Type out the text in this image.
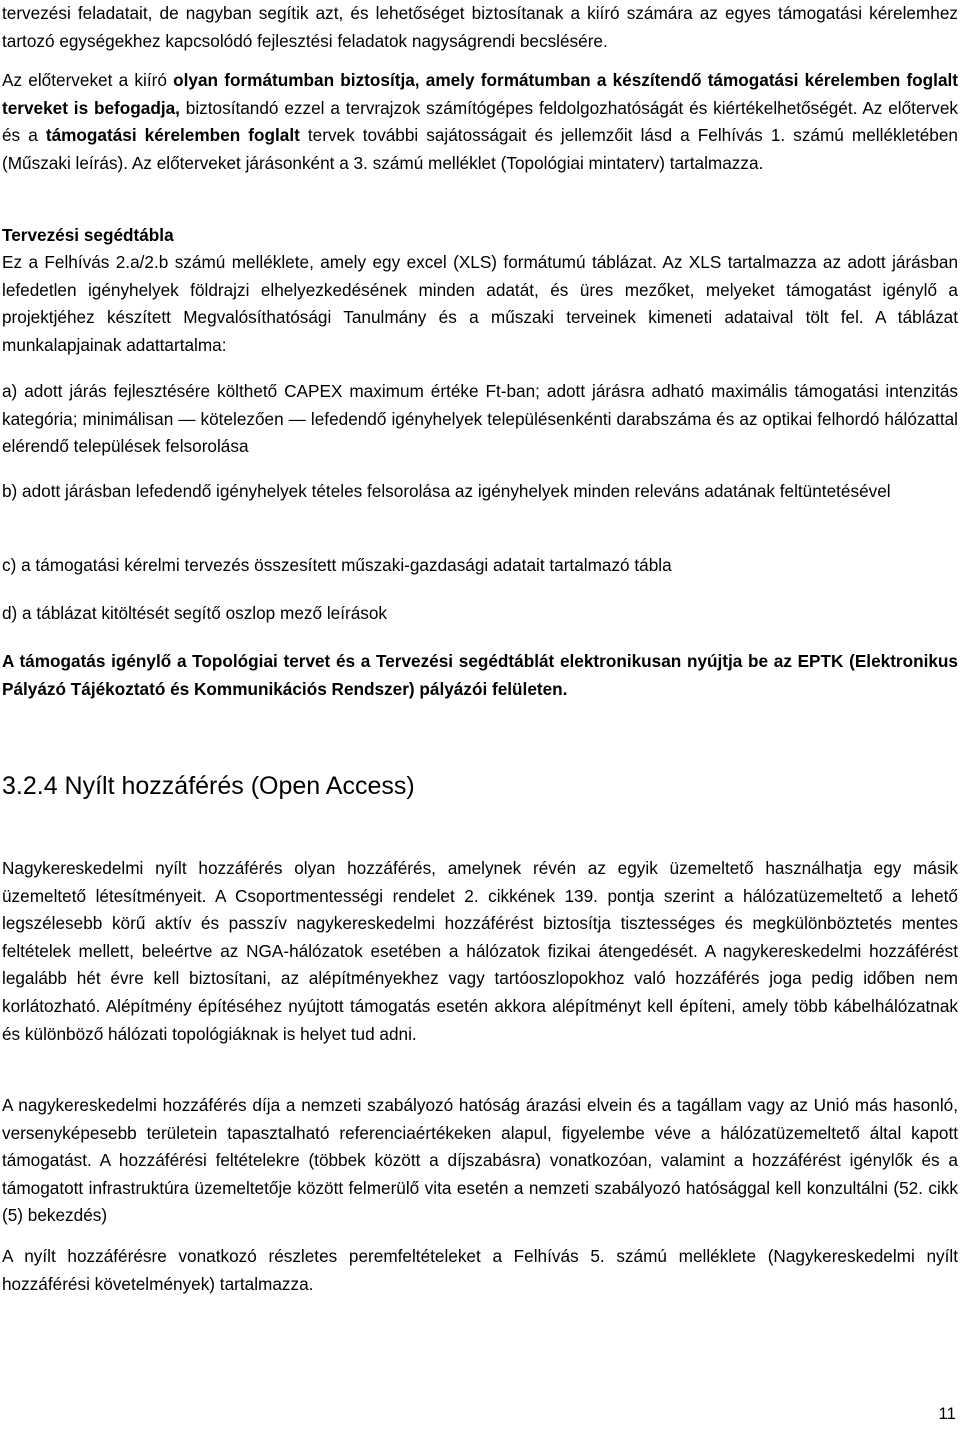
tervezési feladatait, de nagyban segítik azt, és lehetőséget biztosítanak a kiíró számára az egyes támogatási kérelemhez tartozó egységekhez kapcsolódó fejlesztési feladatok nagyságrendi becslésére.

Az előterveket a kiíró olyan formátumban biztosítja, amely formátumban a készítendő támogatási kérelemben foglalt terveket is befogadja, biztosítandó ezzel a tervrajzok számítógépes feldolgozhatóságát és kiértékelhetőségét. Az előtervek és a támogatási kérelemben foglalt tervek további sajátosságait és jellemzőit lásd a Felhívás 1. számú mellékletében (Műszaki leírás). Az előterveket járásonként a 3. számú melléklet (Topológiai mintaterv) tartalmazza.

Tervezési segédtábla

Ez a Felhívás 2.a/2.b számú melléklete, amely egy excel (XLS) formátumú táblázat. Az XLS tartalmazza az adott járásban lefedetlen igényhelyek földrajzi elhelyezkedésének minden adatát, és üres mezőket, melyeket támogatást igénylő a projektjéhez készített Megvalósíthatósági Tanulmány és a műszaki terveinek kimeneti adataival tölt fel. A táblázat munkalapjainak adattartalma:

a) adott járás fejlesztésére költhető CAPEX maximum értéke Ft-ban; adott járásra adható maximális támogatási intenzitás kategória; minimálisan — kötelezően — lefedendő igényhelyek településenkénti darabszáma és az optikai felhordó hálózattal elérendő települések felsorolása

b) adott járásban lefedendő igényhelyek tételes felsorolása az igényhelyek minden releváns adatának feltüntetésével

c) a támogatási kérelmi tervezés összesített műszaki-gazdasági adatait tartalmazó tábla

d) a táblázat kitöltését segítő oszlop mező leírások

A támogatás igénylő a Topológiai tervet és a Tervezési segédtáblát elektronikusan nyújtja be az EPTK (Elektronikus Pályázó Tájékoztató és Kommunikációs Rendszer) pályázói felületen.

3.2.4 Nyílt hozzáférés (Open Access)

Nagykereskedelmi nyílt hozzáférés olyan hozzáférés, amelynek révén az egyik üzemeltető használhatja egy másik üzemeltető létesítményeit. A Csoportmentességi rendelet 2. cikkének 139. pontja szerint a hálózatüzemeltető a lehető legszélesebb körű aktív és passzív nagykereskedelmi hozzáférést biztosítja tisztességes és megkülönböztetés mentes feltételek mellett, beleértve az NGA-hálózatok esetében a hálózatok fizikai átengedését. A nagykereskedelmi hozzáférést legalább hét évre kell biztosítani, az alépítményekhez vagy tartóoszlopokhoz való hozzáférés joga pedig időben nem korlátozható. Alépítmény építéséhez nyújtott támogatás esetén akkora alépítményt kell építeni, amely több kábelhálózatnak és különböző hálózati topológiáknak is helyet tud adni.

A nagykereskedelmi hozzáférés díja a nemzeti szabályozó hatóság árazási elvein és a tagállam vagy az Unió más hasonló, versenyképesebb területein tapasztalható referenciaértékeken alapul, figyelembe véve a hálózatüzemeltető által kapott támogatást. A hozzáférési feltételekre (többek között a díjszabásra) vonatkozóan, valamint a hozzáférést igénylők és a támogatott infrastruktúra üzemeltetője között felmerülő vita esetén a nemzeti szabályozó hatósággal kell konzultálni (52. cikk (5) bekezdés)

A nyílt hozzáférésre vonatkozó részletes peremfeltételeket a Felhívás 5. számú melléklete (Nagykereskedelmi nyílt hozzáférési követelmények) tartalmazza.

11
